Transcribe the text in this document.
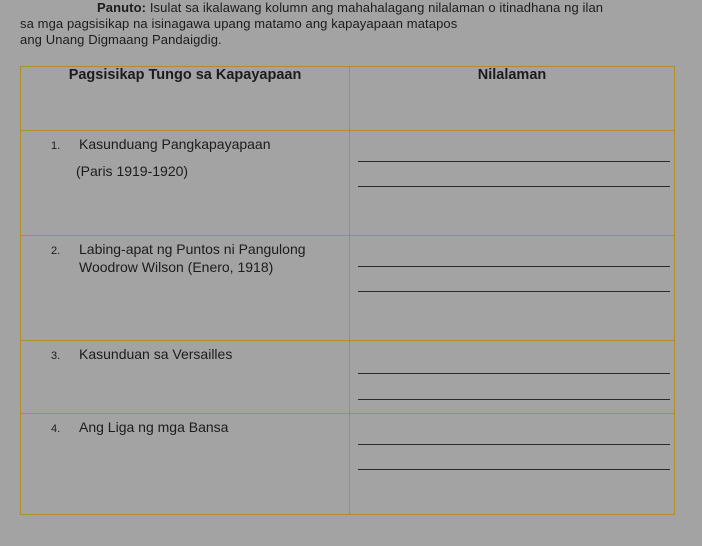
Panuto: Isulat sa ikalawang kolumn ang mahahalagang nilalaman o itinadhana ng ilan
sa mga pagsisikap na isinagawa upang matamo ang kapayapaan matapos
ang Unang Digmaang Pandaigdig.
Pagsisikap Tungo sa Kapayapaan	Nilalaman

1. Kasunduang Pangkapayapaan
(Paris 1919-1920)	

2. Labing-apat ng Puntos ni Pangulong Woodrow Wilson (Enero, 1918)	

3. Kasunduan sa Versailles	

4. Ang Liga ng mga Bansa	
